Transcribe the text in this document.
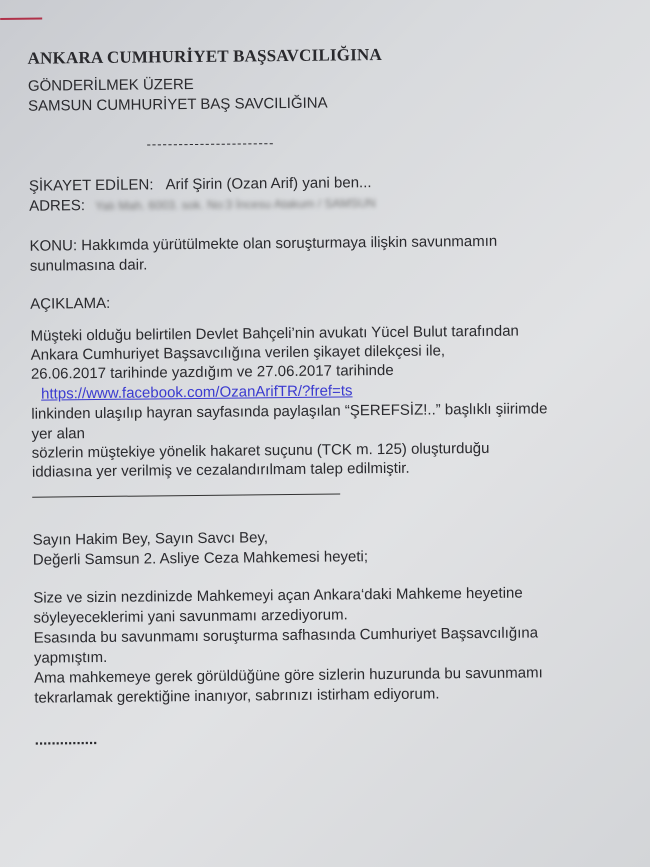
ANKARA CUMHURİYET BAŞSAVCILIĞINA
GÖNDERİLMEK ÜZERE
SAMSUN CUMHURİYET BAŞ SAVCILIĞINA
------------------------
ŞİKAYET EDİLEN: Arif Şirin (Ozan Arif) yani ben...
ADRES: Yalı Mah. 6003. sok. No:3 İncesu Atakum / SAMSUN
KONU: Hakkımda yürütülmekte olan soruşturmaya ilişkin savunmamın
sunulmasına dair.
AÇIKLAMA:
Müşteki olduğu belirtilen Devlet Bahçeli’nin avukatı Yücel Bulut tarafından
Ankara Cumhuriyet Başsavcılığına verilen şikayet dilekçesi ile,
26.06.2017 tarihinde yazdığım ve 27.06.2017 tarihinde
https://www.facebook.com/OzanArifTR/?fref=ts
linkinden ulaşılıp hayran sayfasında paylaşılan “ŞEREFSİZ!..” başlıklı şiirimde
yer alan
sözlerin müştekiye yönelik hakaret suçunu (TCK m. 125) oluşturduğu
iddiasına yer verilmiş ve cezalandırılmam talep edilmiştir.
Sayın Hakim Bey, Sayın Savcı Bey,
Değerli Samsun 2. Asliye Ceza Mahkemesi heyeti;
Size ve sizin nezdinizde Mahkemeyi açan Ankara‘daki Mahkeme heyetine
söyleyeceklerimi yani savunmamı arzediyorum.
Esasında bu savunmamı soruşturma safhasında Cumhuriyet Başsavcılığına
yapmıştım.
Ama mahkemeye gerek görüldüğüne göre sizlerin huzurunda bu savunmamı
tekrarlamak gerektiğine inanıyor, sabrınızı istirham ediyorum.
...............
